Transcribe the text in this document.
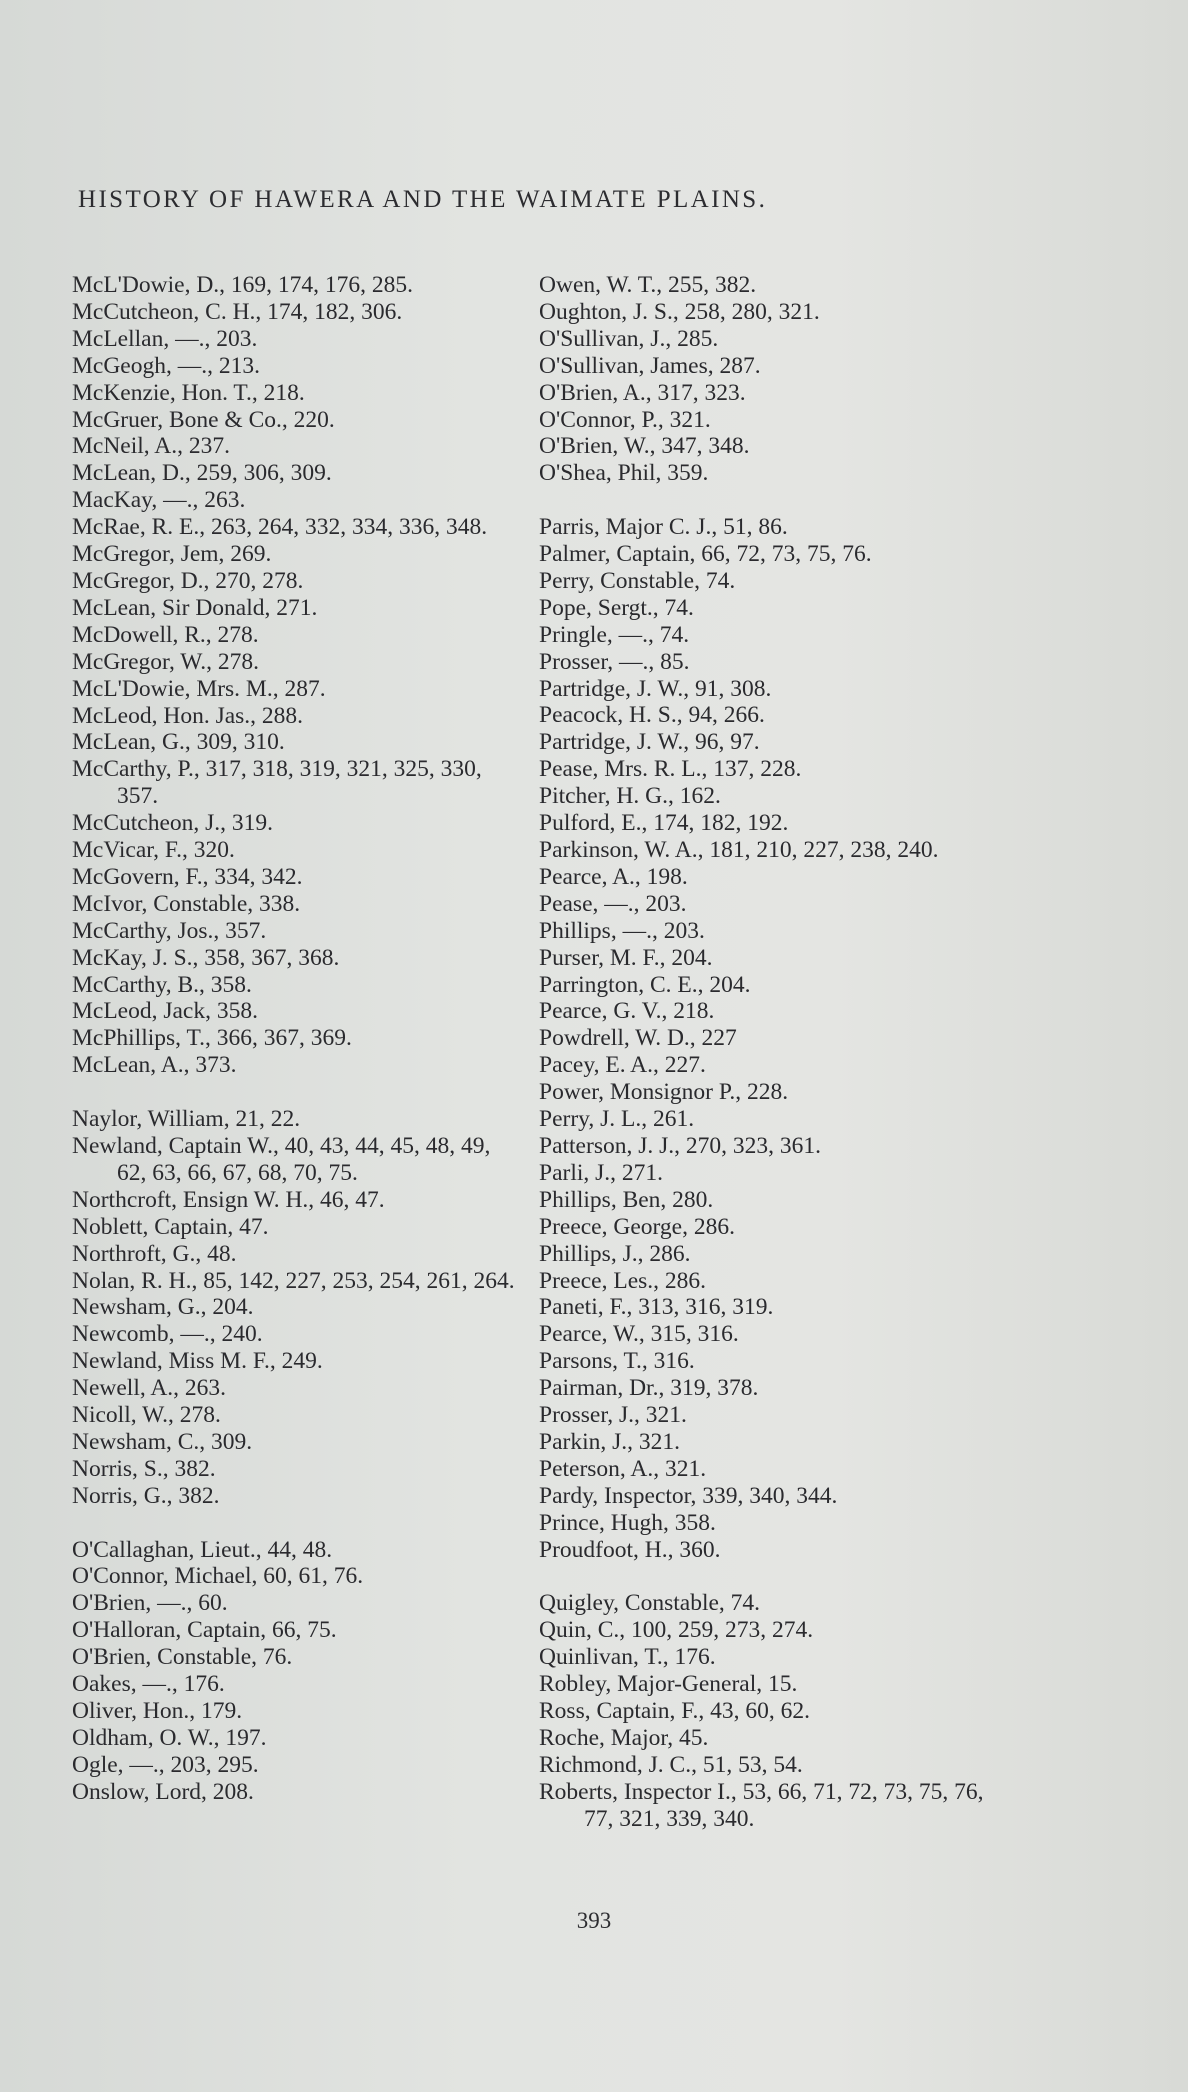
HISTORY OF HAWERA AND THE WAIMATE PLAINS.
McL'Dowie, D., 169, 174, 176, 285.
McCutcheon, C. H., 174, 182, 306.
McLellan, —., 203.
McGeogh, —., 213.
McKenzie, Hon. T., 218.
McGruer, Bone & Co., 220.
McNeil, A., 237.
McLean, D., 259, 306, 309.
MacKay, —., 263.
McRae, R. E., 263, 264, 332, 334, 336, 348.
McGregor, Jem, 269.
McGregor, D., 270, 278.
McLean, Sir Donald, 271.
McDowell, R., 278.
McGregor, W., 278.
McL'Dowie, Mrs. M., 287.
McLeod, Hon. Jas., 288.
McLean, G., 309, 310.
McCarthy, P., 317, 318, 319, 321, 325, 330, 357.
McCutcheon, J., 319.
McVicar, F., 320.
McGovern, F., 334, 342.
McIvor, Constable, 338.
McCarthy, Jos., 357.
McKay, J. S., 358, 367, 368.
McCarthy, B., 358.
McLeod, Jack, 358.
McPhillips, T., 366, 367, 369.
McLean, A., 373.
Naylor, William, 21, 22.
Newland, Captain W., 40, 43, 44, 45, 48, 49, 62, 63, 66, 67, 68, 70, 75.
Northcroft, Ensign W. H., 46, 47.
Noblett, Captain, 47.
Northroft, G., 48.
Nolan, R. H., 85, 142, 227, 253, 254, 261, 264.
Newsham, G., 204.
Newcomb, —., 240.
Newland, Miss M. F., 249.
Newell, A., 263.
Nicoll, W., 278.
Newsham, C., 309.
Norris, S., 382.
Norris, G., 382.
O'Callaghan, Lieut., 44, 48.
O'Connor, Michael, 60, 61, 76.
O'Brien, —., 60.
O'Halloran, Captain, 66, 75.
O'Brien, Constable, 76.
Oakes, —., 176.
Oliver, Hon., 179.
Oldham, O. W., 197.
Ogle, —., 203, 295.
Onslow, Lord, 208.
Owen, W. T., 255, 382.
Oughton, J. S., 258, 280, 321.
O'Sullivan, J., 285.
O'Sullivan, James, 287.
O'Brien, A., 317, 323.
O'Connor, P., 321.
O'Brien, W., 347, 348.
O'Shea, Phil, 359.
Parris, Major C. J., 51, 86.
Palmer, Captain, 66, 72, 73, 75, 76.
Perry, Constable, 74.
Pope, Sergt., 74.
Pringle, —., 74.
Prosser, —., 85.
Partridge, J. W., 91, 308.
Peacock, H. S., 94, 266.
Partridge, J. W., 96, 97.
Pease, Mrs. R. L., 137, 228.
Pitcher, H. G., 162.
Pulford, E., 174, 182, 192.
Parkinson, W. A., 181, 210, 227, 238, 240.
Pearce, A., 198.
Pease, —., 203.
Phillips, —., 203.
Purser, M. F., 204.
Parrington, C. E., 204.
Pearce, G. V., 218.
Powdrell, W. D., 227
Pacey, E. A., 227.
Power, Monsignor P., 228.
Perry, J. L., 261.
Patterson, J. J., 270, 323, 361.
Parli, J., 271.
Phillips, Ben, 280.
Preece, George, 286.
Phillips, J., 286.
Preece, Les., 286.
Paneti, F., 313, 316, 319.
Pearce, W., 315, 316.
Parsons, T., 316.
Pairman, Dr., 319, 378.
Prosser, J., 321.
Parkin, J., 321.
Peterson, A., 321.
Pardy, Inspector, 339, 340, 344.
Prince, Hugh, 358.
Proudfoot, H., 360.
Quigley, Constable, 74.
Quin, C., 100, 259, 273, 274.
Quinlivan, T., 176.
Robley, Major-General, 15.
Ross, Captain, F., 43, 60, 62.
Roche, Major, 45.
Richmond, J. C., 51, 53, 54.
Roberts, Inspector I., 53, 66, 71, 72, 73, 75, 76, 77, 321, 339, 340.
393
